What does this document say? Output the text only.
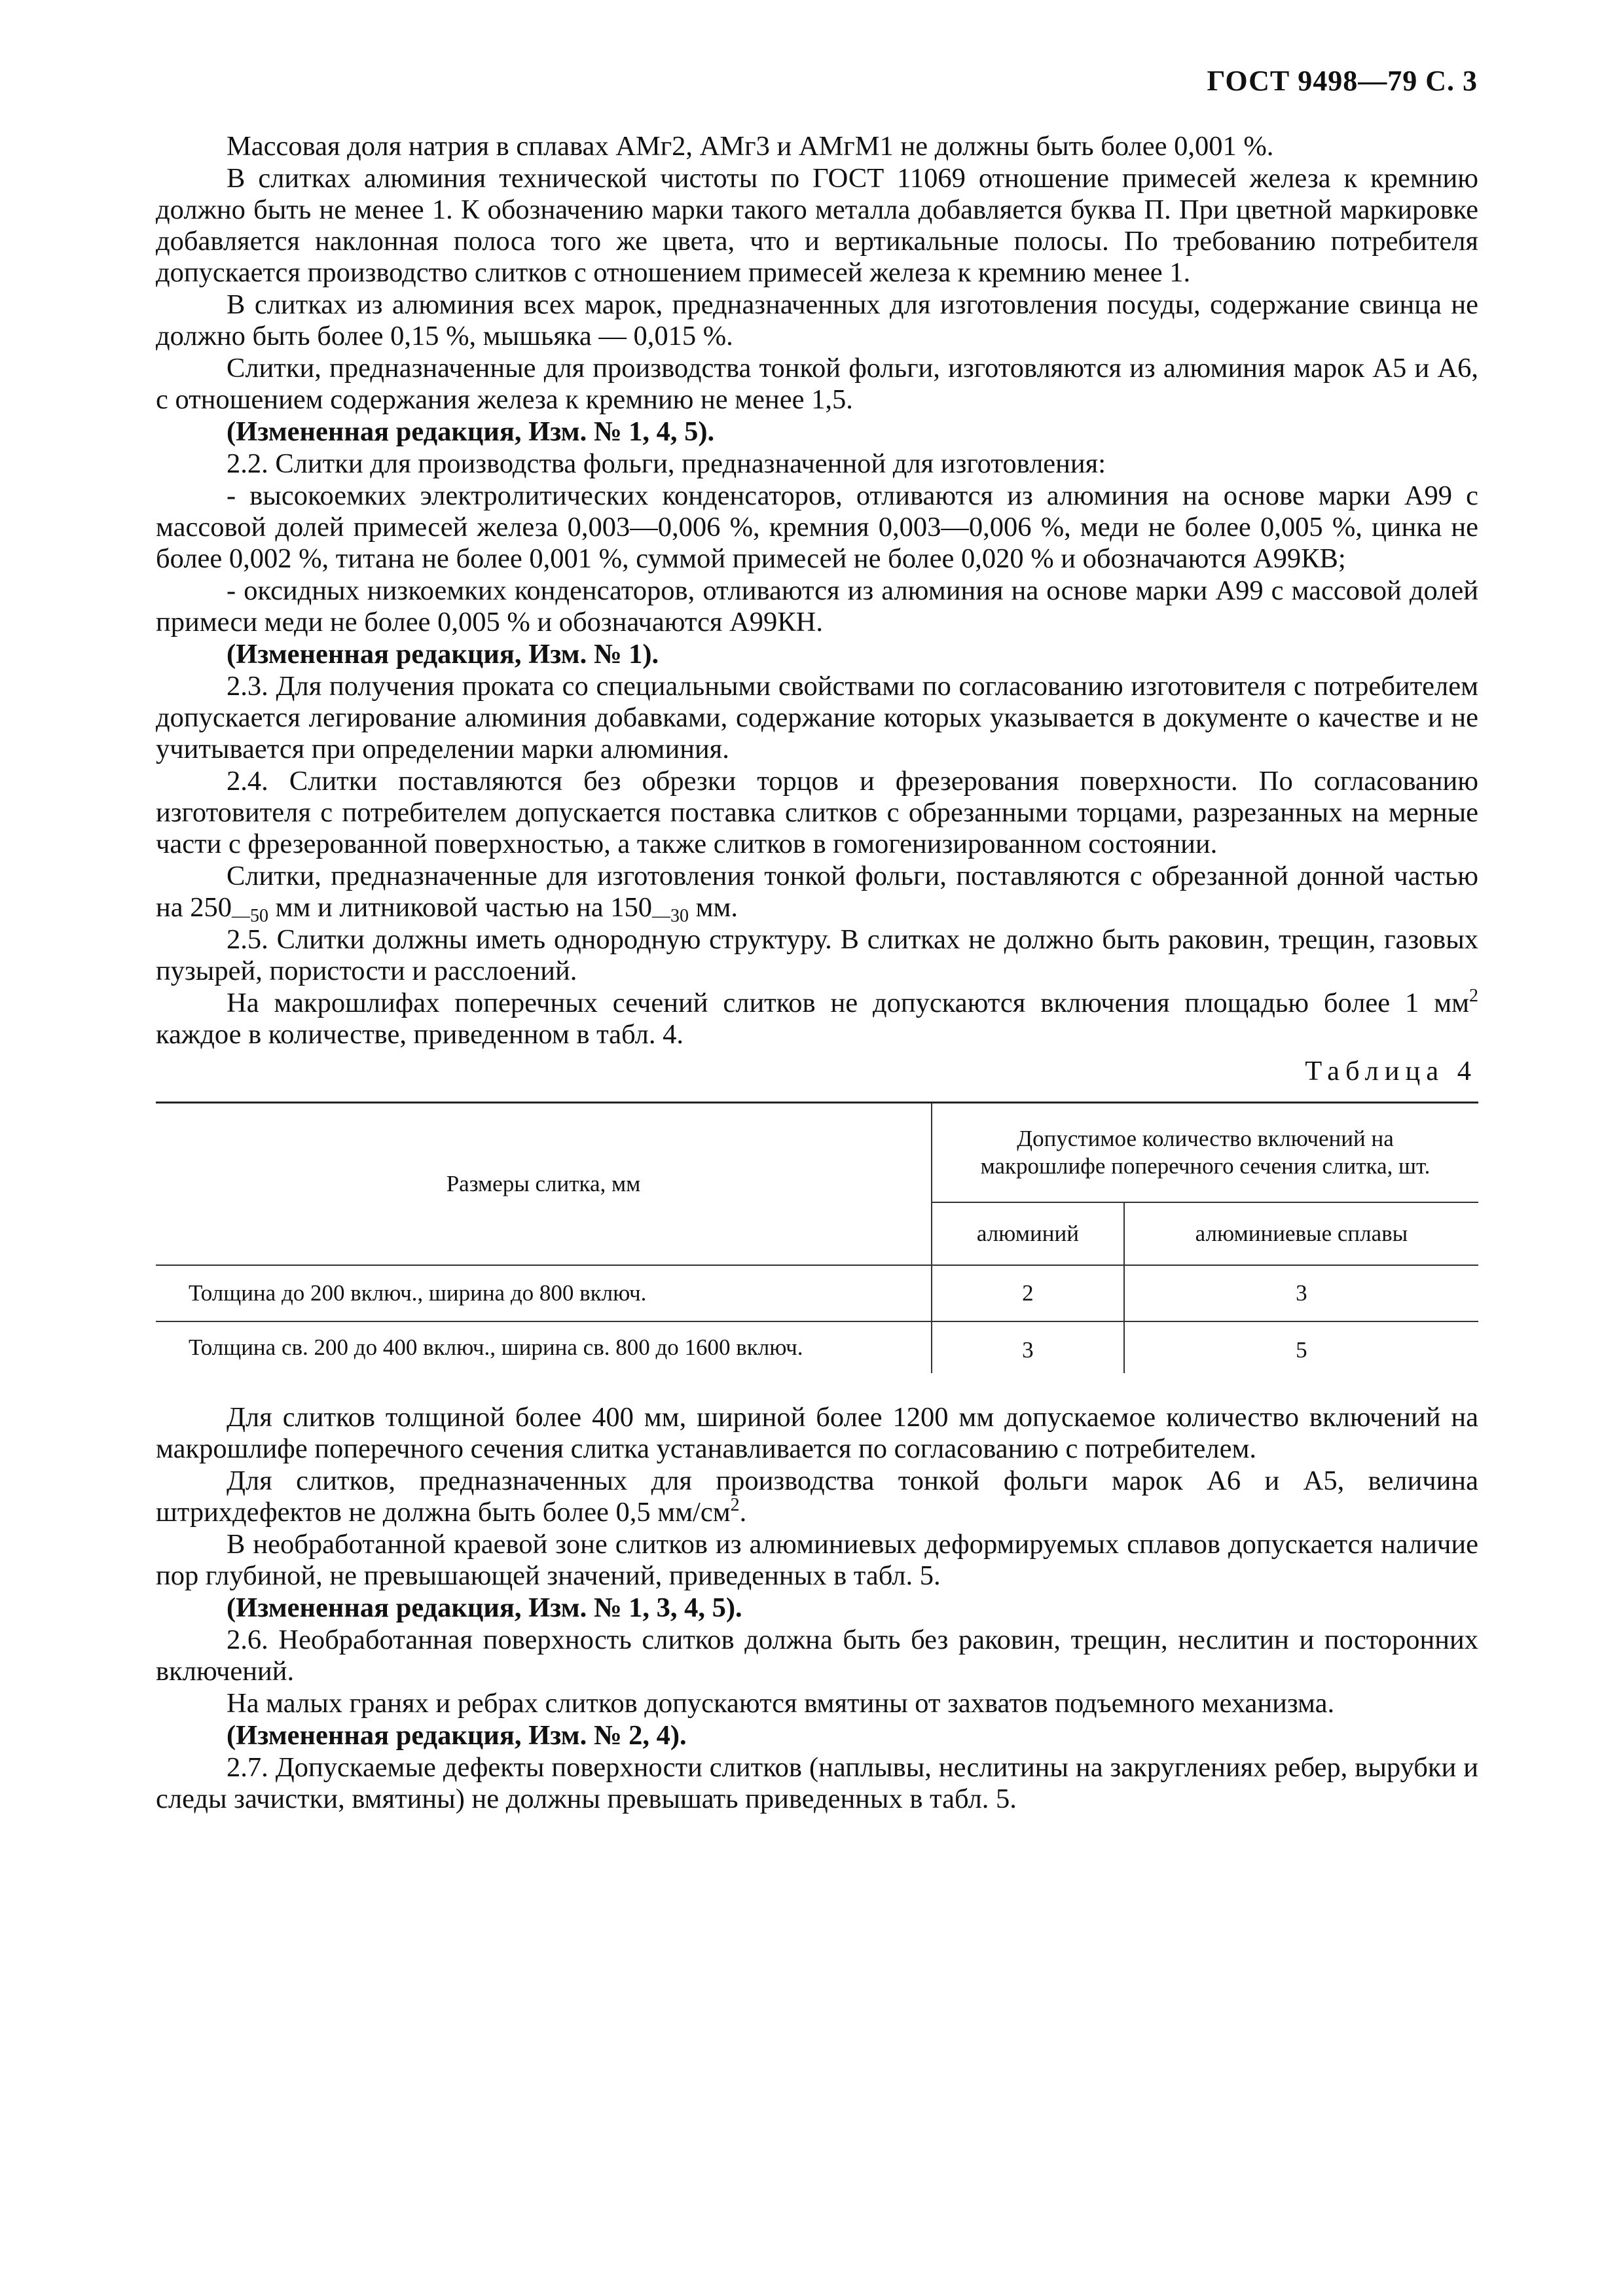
ГОСТ 9498—79 С. 3

Массовая доля натрия в сплавах АМг2, АМг3 и АМгМ1 не должны быть более 0,001 %.

В слитках алюминия технической чистоты по ГОСТ 11069 отношение примесей железа к кремнию должно быть не менее 1. К обозначению марки такого металла добавляется буква П. При цветной маркировке добавляется наклонная полоса того же цвета, что и вертикальные полосы. По требованию потребителя допускается производство слитков с отношением примесей железа к кремнию менее 1.

В слитках из алюминия всех марок, предназначенных для изготовления посуды, содержание свинца не должно быть более 0,15 %, мышьяка — 0,015 %.

Слитки, предназначенные для производства тонкой фольги, изготовляются из алюминия марок А5 и А6, с отношением содержания железа к кремнию не менее 1,5.

(Измененная редакция, Изм. № 1, 4, 5).

2.2. Слитки для производства фольги, предназначенной для изготовления:

- высокоемких электролитических конденсаторов, отливаются из алюминия на основе марки А99 с массовой долей примесей железа 0,003—0,006 %, кремния 0,003—0,006 %, меди не более 0,005 %, цинка не более 0,002 %, титана не более 0,001 %, суммой примесей не более 0,020 % и обозначаются А99КВ;

- оксидных низкоемких конденсаторов, отливаются из алюминия на основе марки А99 с массовой долей примеси меди не более 0,005 % и обозначаются А99КН.

(Измененная редакция, Изм. № 1).

2.3. Для получения проката со специальными свойствами по согласованию изготовителя с потребителем допускается легирование алюминия добавками, содержание которых указывается в документе о качестве и не учитывается при определении марки алюминия.

2.4. Слитки поставляются без обрезки торцов и фрезерования поверхности. По согласованию изготовителя с потребителем допускается поставка слитков с обрезанными торцами, разрезанных на мерные части с фрезерованной поверхностью, а также слитков в гомогенизированном состоянии.

Слитки, предназначенные для изготовления тонкой фольги, поставляются с обрезанной донной частью на $250_{—50}$ мм и литниковой частью на $150_{—30}$ мм.

2.5. Слитки должны иметь однородную структуру. В слитках не должно быть раковин, трещин, газовых пузырей, пористости и расслоений.

На макрошлифах поперечных сечений слитков не допускаются включения площадью более 1 $мм^2$ каждое в количестве, приведенном в табл. 4.

Таблица 4
Размеры слитка, мм	Допустимое количество включений на макрошлифе поперечного сечения слитка, шт.	
	алюминий	алюминиевые сплавы
Толщина до 200 включ., ширина до 800 включ.	2	3
Толщина св. 200 до 400 включ., ширина св. 800 до 1600 включ.	3	5

Для слитков толщиной более 400 мм, шириной более 1200 мм допускаемое количество включений на макрошлифе поперечного сечения слитка устанавливается по согласованию с потребителем.

Для слитков, предназначенных для производства тонкой фольги марок А6 и А5, величина штрихдефектов не должна быть более 0,5 $мм/см^2$.

В необработанной краевой зоне слитков из алюминиевых деформируемых сплавов допускается наличие пор глубиной, не превышающей значений, приведенных в табл. 5.

(Измененная редакция, Изм. № 1, 3, 4, 5).

2.6. Необработанная поверхность слитков должна быть без раковин, трещин, неслитин и посторонних включений.

На малых гранях и ребрах слитков допускаются вмятины от захватов подъемного механизма.

(Измененная редакция, Изм. № 2, 4).

2.7. Допускаемые дефекты поверхности слитков (наплывы, неслитины на закруглениях ребер, вырубки и следы зачистки, вмятины) не должны превышать приведенных в табл. 5.
